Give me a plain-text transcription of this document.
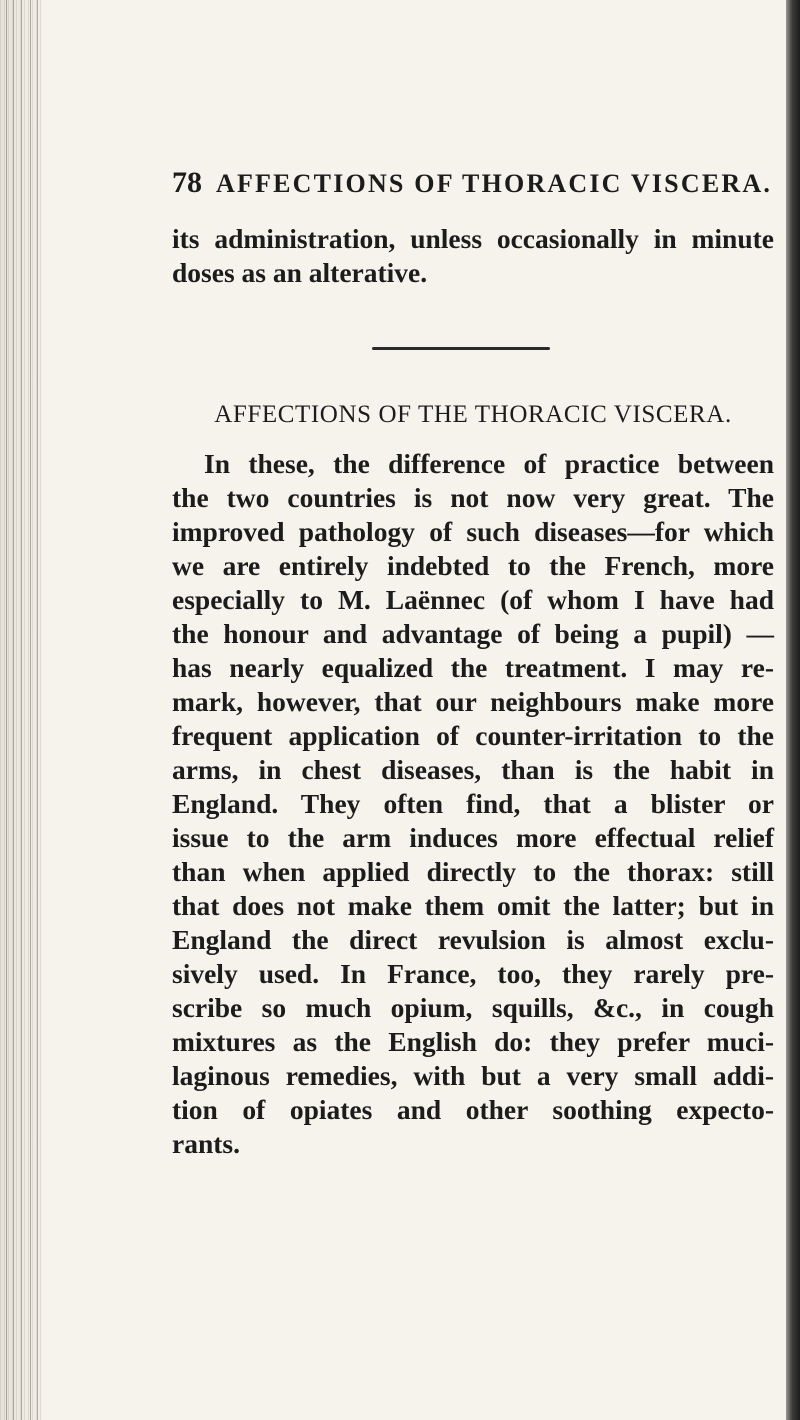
78 AFFECTIONS OF THORACIC VISCERA.
its administration, unless occasionally in minute
doses as an alterative.
AFFECTIONS OF THE THORACIC VISCERA.
In these, the difference of practice between
the two countries is not now very great. The
improved pathology of such diseases—for which
we are entirely indebted to the French, more
especially to M. Laënnec (of whom I have had
the honour and advantage of being a pupil) —
has nearly equalized the treatment. I may re-
mark, however, that our neighbours make more
frequent application of counter-irritation to the
arms, in chest diseases, than is the habit in
England. They often find, that a blister or
issue to the arm induces more effectual relief
than when applied directly to the thorax: still
that does not make them omit the latter; but in
England the direct revulsion is almost exclu-
sively used. In France, too, they rarely pre-
scribe so much opium, squills, &c., in cough
mixtures as the English do: they prefer muci-
laginous remedies, with but a very small addi-
tion of opiates and other soothing expecto-
rants.
